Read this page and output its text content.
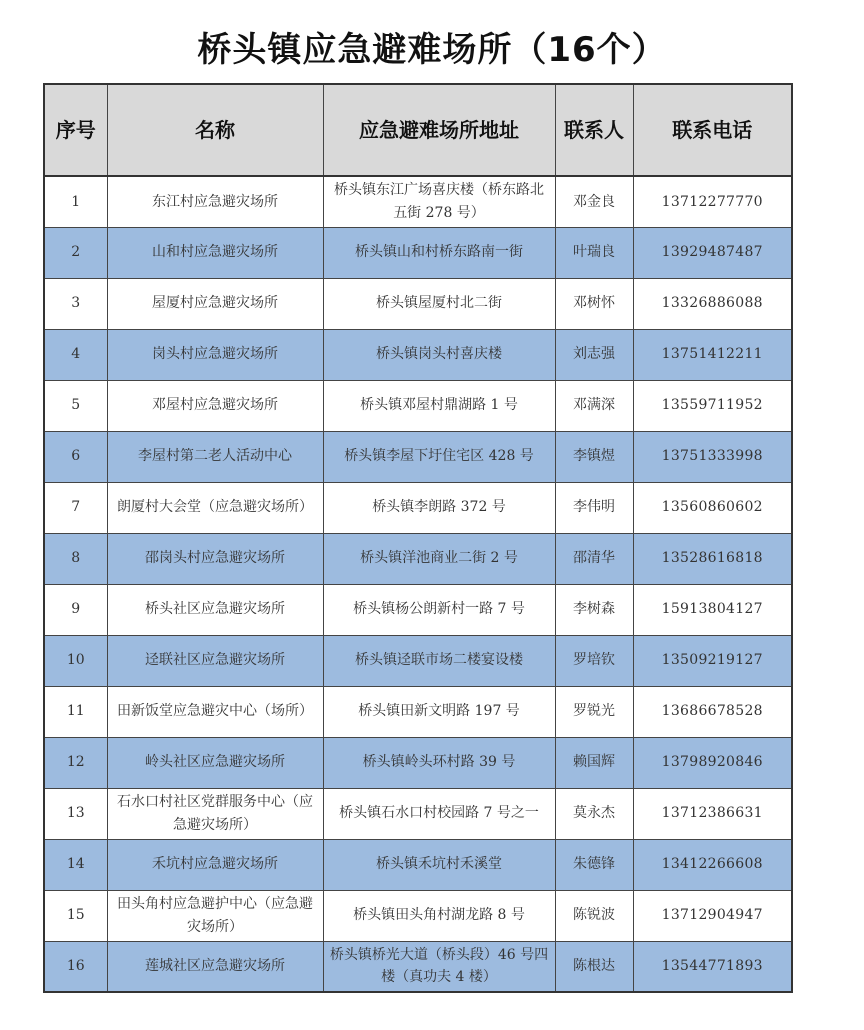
桥头镇应急避难场所（16个）
序号	名称	应急避难场所地址	联系人	联系电话
1	东江村应急避灾场所	桥头镇东江广场喜庆楼（桥东路北五街 278 号）	邓金良	13712277770
2	山和村应急避灾场所	桥头镇山和村桥东路南一街	叶瑞良	13929487487
3	屋厦村应急避灾场所	桥头镇屋厦村北二街	邓树怀	13326886088
4	岗头村应急避灾场所	桥头镇岗头村喜庆楼	刘志强	13751412211
5	邓屋村应急避灾场所	桥头镇邓屋村鼎湖路 1 号	邓满深	13559711952
6	李屋村第二老人活动中心	桥头镇李屋下圩住宅区 428 号	李镇煜	13751333998
7	朗厦村大会堂（应急避灾场所）	桥头镇李朗路 372 号	李伟明	13560860602
8	邵岗头村应急避灾场所	桥头镇洋池商业二街 2 号	邵清华	13528616818
9	桥头社区应急避灾场所	桥头镇杨公朗新村一路 7 号	李树森	15913804127
10	迳联社区应急避灾场所	桥头镇迳联市场二楼宴设楼	罗培钦	13509219127
11	田新饭堂应急避灾中心（场所）	桥头镇田新文明路 197 号	罗锐光	13686678528
12	岭头社区应急避灾场所	桥头镇岭头环村路 39 号	赖国辉	13798920846
13	石水口村社区党群服务中心（应急避灾场所）	桥头镇石水口村校园路 7 号之一	莫永杰	13712386631
14	禾坑村应急避灾场所	桥头镇禾坑村禾溪堂	朱德锋	13412266608
15	田头角村应急避护中心（应急避灾场所）	桥头镇田头角村湖龙路 8 号	陈锐波	13712904947
16	莲城社区应急避灾场所	桥头镇桥光大道（桥头段）46 号四楼（真功夫 4 楼）	陈根达	13544771893
